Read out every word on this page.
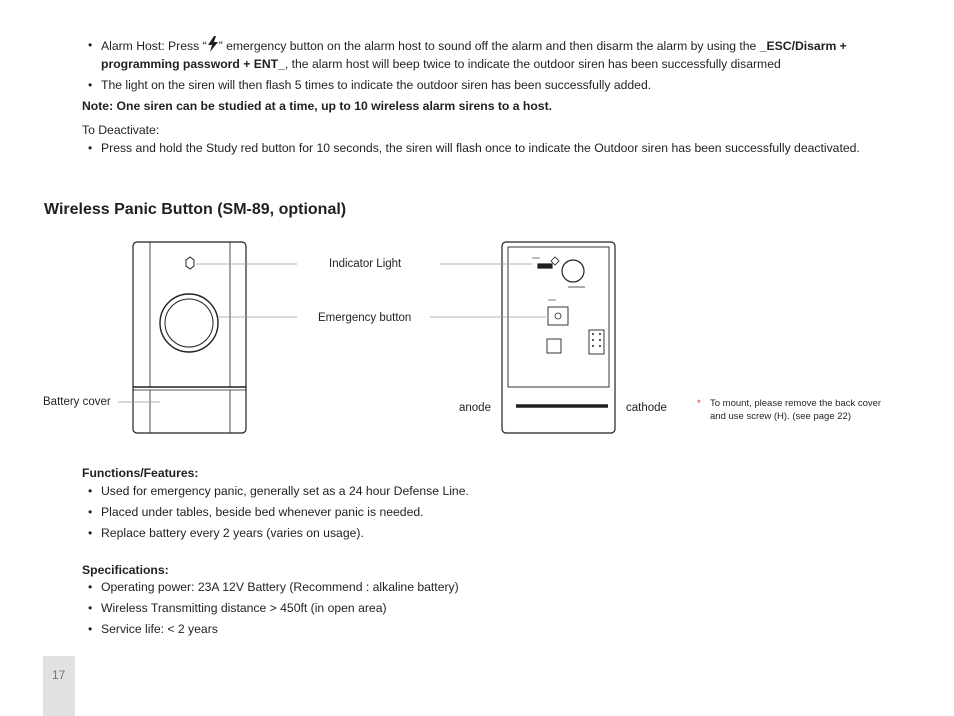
• Alarm Host: Press “ ” emergency button on the alarm host to sound off the alarm and then disarm the alarm by using the _ESC/Disarm +
programming password + ENT_, the alarm host will beep twice to indicate the outdoor siren has been successfully disarmed
• The light on the siren will then flash 5 times to indicate the outdoor siren has been successfully added.
Note: One siren can be studied at a time, up to 10 wireless alarm sirens to a host.
To Deactivate:
• Press and hold the Study red button for 10 seconds, the siren will flash once to indicate the Outdoor siren has been successfully deactivated.
Wireless Panic Button (SM-89, optional)
Indicator Light
Emergency button
Battery cover	anode	cathode	* To mount, please remove the back cover
and use screw (H). (see page 22)
Functions/Features:
• Used for emergency panic, generally set as a 24 hour Defense Line.
• Placed under tables, beside bed whenever panic is needed.
• Replace battery every 2 years (varies on usage).
Specifications:
• Operating power: 23A 12V Battery (Recommend : alkaline battery)
• Wireless Transmitting distance > 450ft (in open area)
• Service life: < 2 years
17
